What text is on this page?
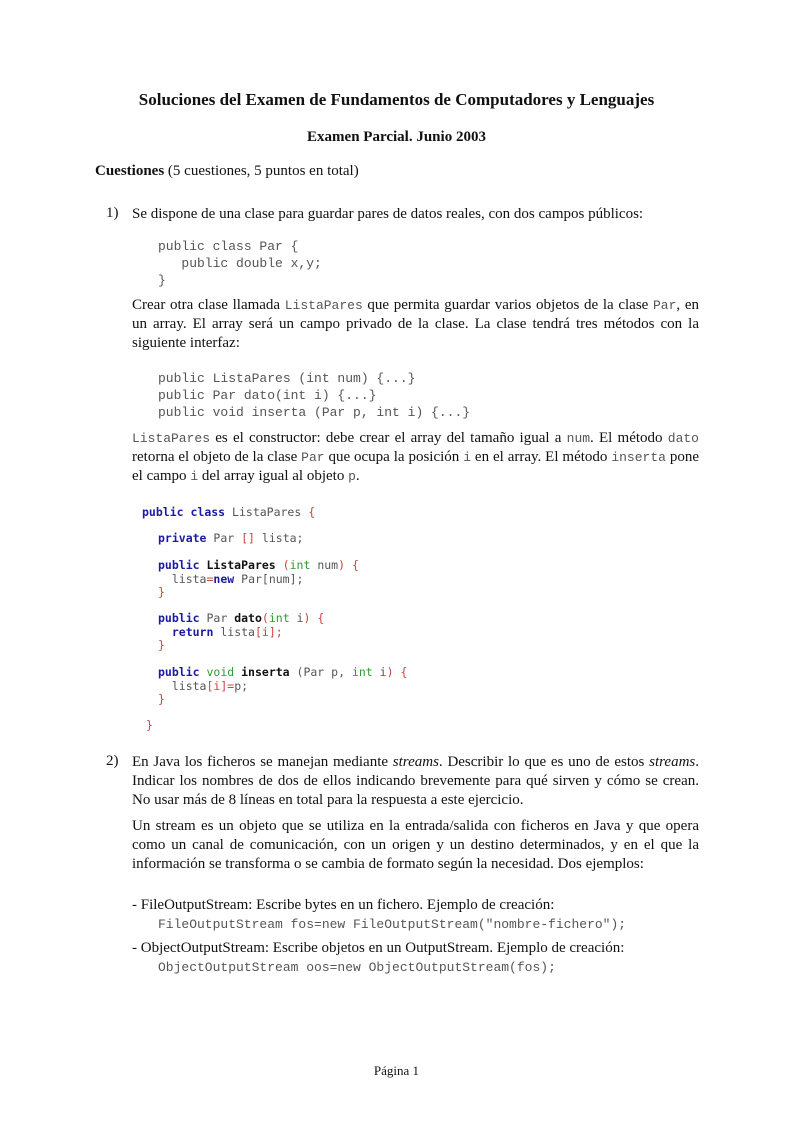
Soluciones del Examen de Fundamentos de Computadores y Lenguajes
Examen Parcial. Junio 2003
Cuestiones (5 cuestiones, 5 puntos en total)
1) Se dispone de una clase para guardar pares de datos reales, con dos campos públicos:
public class Par {
public double x,y;
}
Crear otra clase llamada ListaPares que permita guardar varios objetos de la clase Par, en un array. El array será un campo privado de la clase. La clase tendrá tres métodos con la siguiente interfaz:
public ListaPares (int num) {...}
public Par dato(int i) {...}
public void inserta (Par p, int i) {...}
ListaPares es el constructor: debe crear el array del tamaño igual a num. El método dato retorna el objeto de la clase Par que ocupa la posición i en el array. El método inserta pone el campo i del array igual al objeto p.
public class ListaPares {
private Par [] lista;
public ListaPares (int num) {
lista=new Par[num];
}
public Par dato(int i) {
return lista[i];
}
public void inserta (Par p, int i) {
lista[i]=p;
}
}
2) En Java los ficheros se manejan mediante streams. Describir lo que es uno de estos streams. Indicar los nombres de dos de ellos indicando brevemente para qué sirven y cómo se crean. No usar más de 8 líneas en total para la respuesta a este ejercicio.
Un stream es un objeto que se utiliza en la entrada/salida con ficheros en Java y que opera como un canal de comunicación, con un origen y un destino determinados, y en el que la información se transforma o se cambia de formato según la necesidad. Dos ejemplos:
- FileOutputStream: Escribe bytes en un fichero. Ejemplo de creación:
FileOutputStream fos=new FileOutputStream("nombre-fichero");
- ObjectOutputStream: Escribe objetos en un OutputStream. Ejemplo de creación:
ObjectOutputStream oos=new ObjectOutputStream(fos);
Página 1
